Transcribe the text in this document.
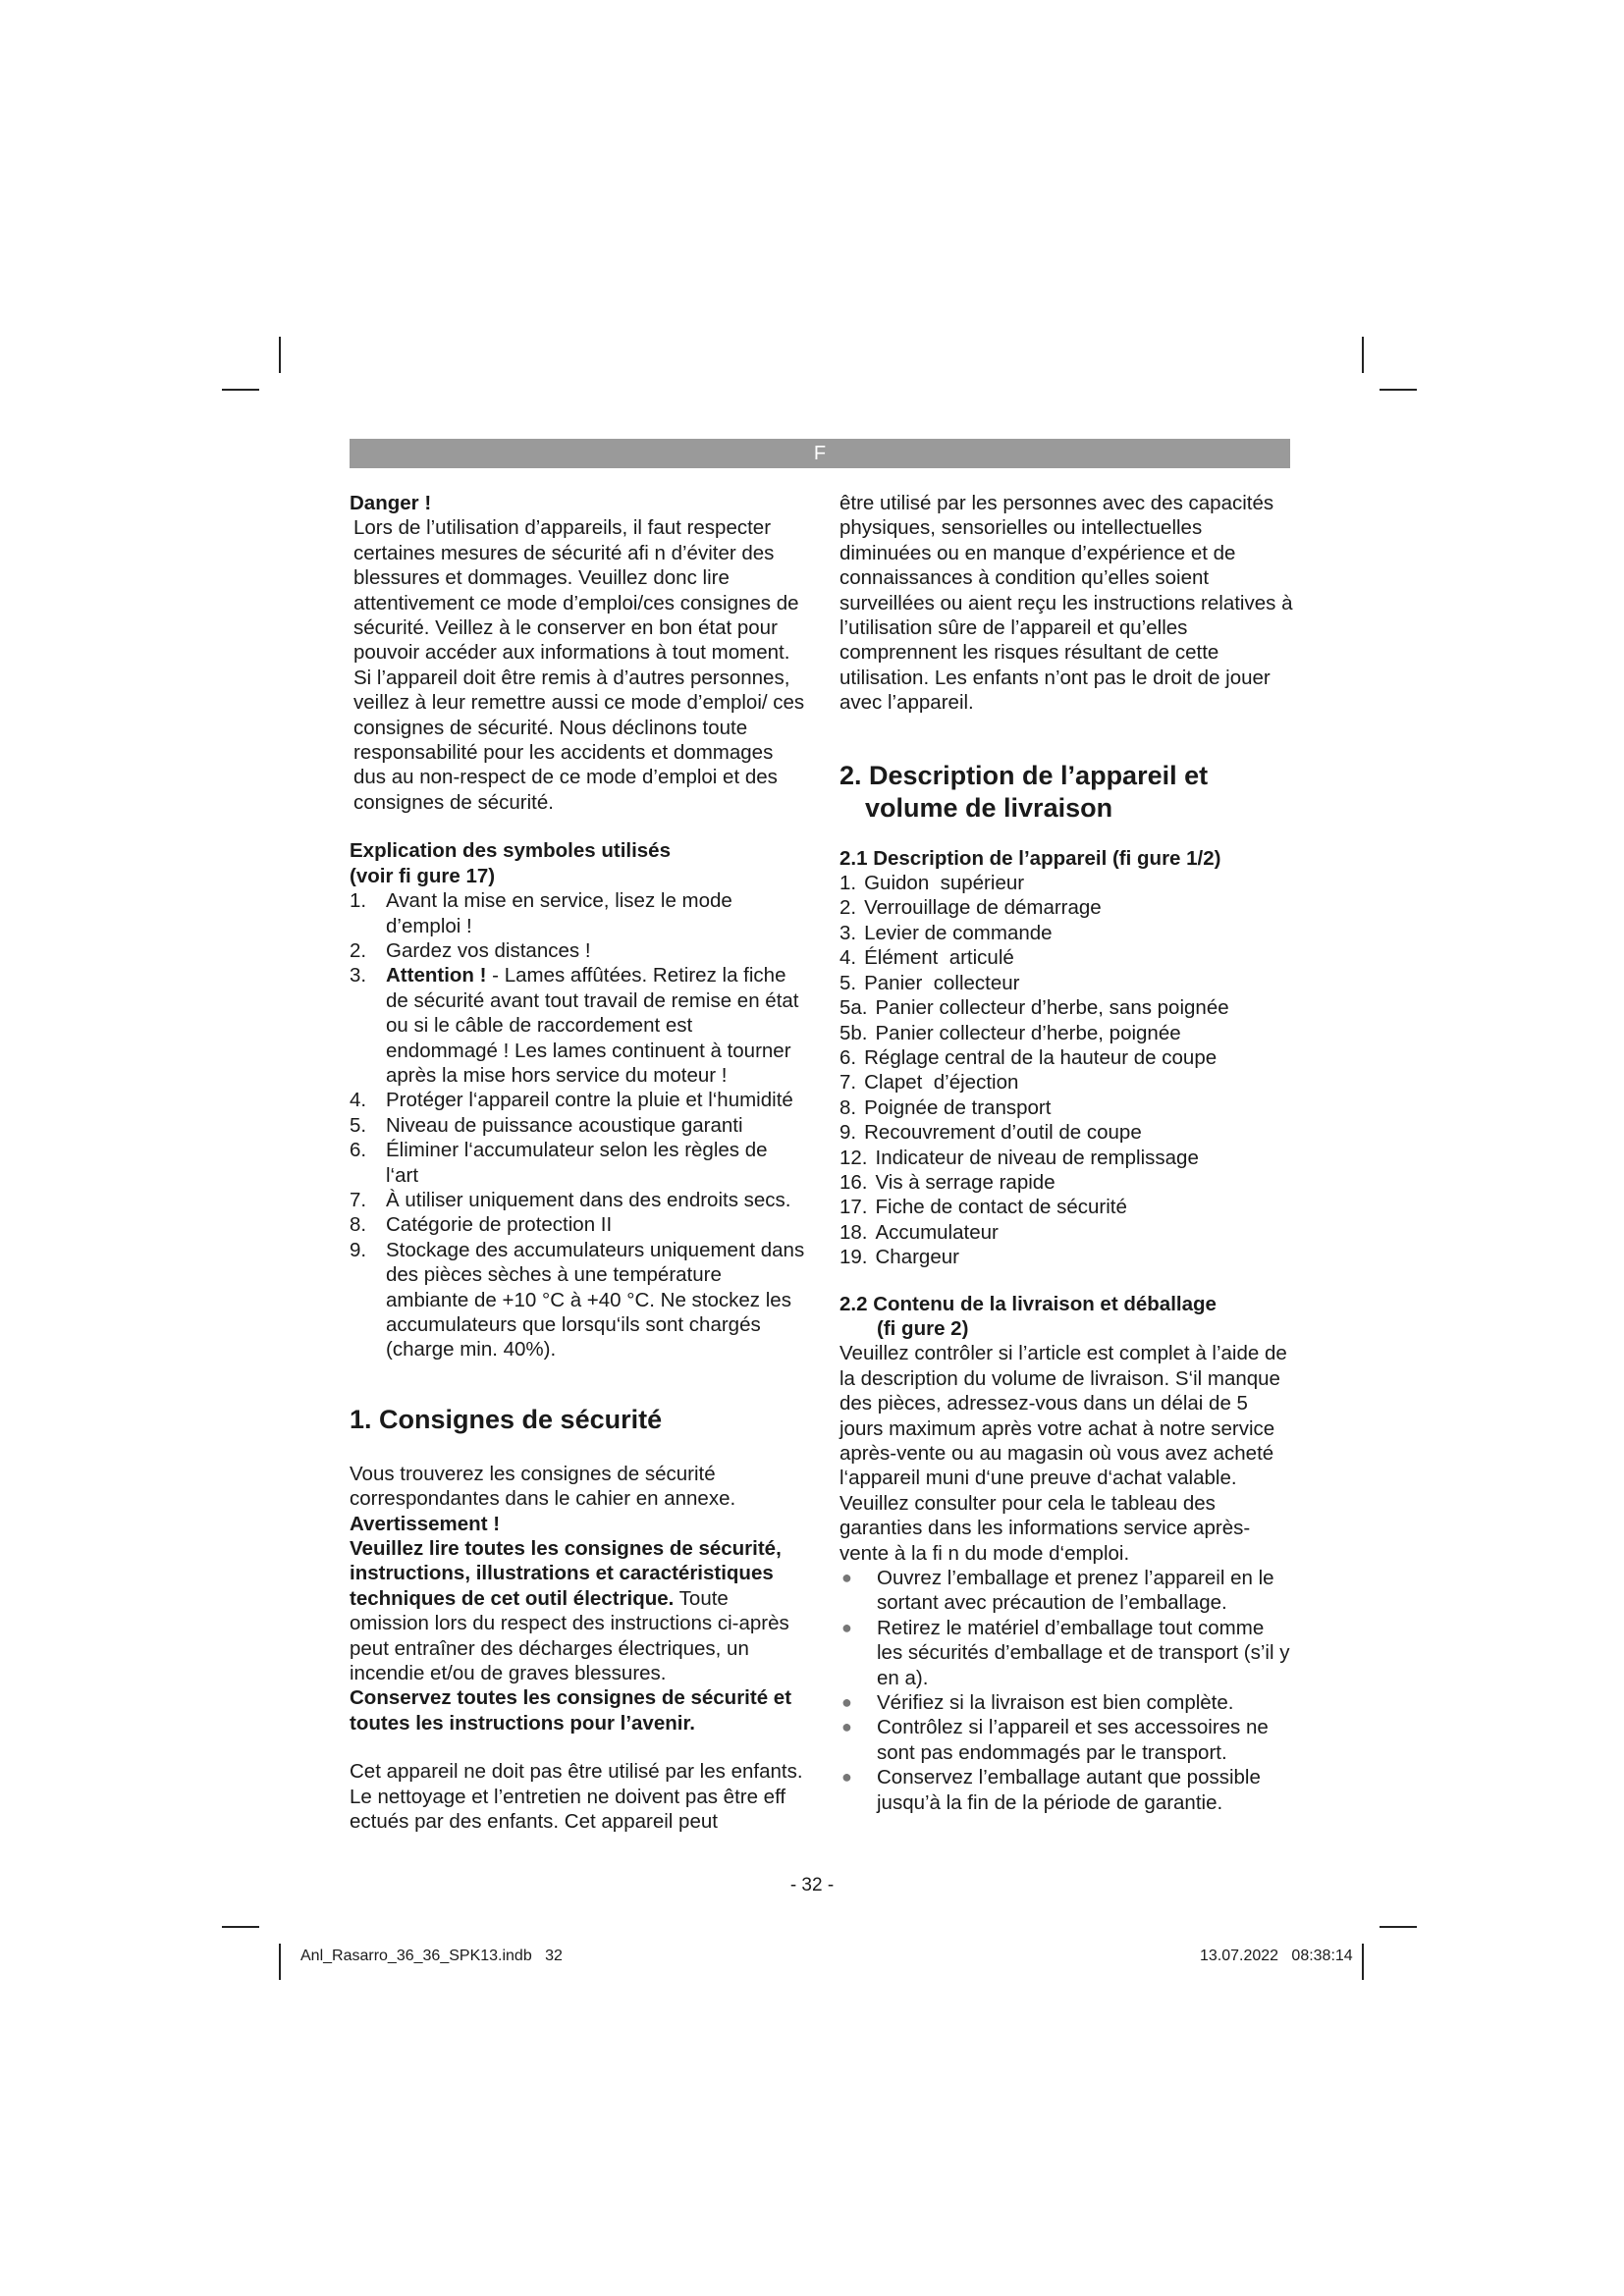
F

Danger !

Lors de l’utilisation d’appareils, il faut respecter certaines mesures de sécurité afi n d’éviter des blessures et dommages. Veuillez donc lire attentivement ce mode d’emploi/ces consignes de sécurité. Veillez à le conserver en bon état pour pouvoir accéder aux informations à tout moment. Si l’appareil doit être remis à d’autres personnes, veillez à leur remettre aussi ce mode d’emploi/ ces consignes de sécurité. Nous déclinons toute responsabilité pour les accidents et dommages dus au non-respect de ce mode d’emploi et des consignes de sécurité.

Explication des symboles utilisés
(voir fi gure 17)

1. Avant la mise en service, lisez le mode d’emploi !
2. Gardez vos distances !
3. Attention ! - Lames affûtées. Retirez la fiche de sécurité avant tout travail de remise en état ou si le câble de raccordement est endommagé ! Les lames continuent à tourner après la mise hors service du moteur !
4. Protéger l‘appareil contre la pluie et l‘humidité
5. Niveau de puissance acoustique garanti
6. Éliminer l‘accumulateur selon les règles de l‘art
7. À utiliser uniquement dans des endroits secs.
8. Catégorie de protection II
9. Stockage des accumulateurs uniquement dans des pièces sèches à une température ambiante de +10 °C à +40 °C. Ne stockez les accumulateurs que lorsqu‘ils sont chargés (charge min. 40%).
1. Consignes de sécurité

Vous trouverez les consignes de sécurité correspondantes dans le cahier en annexe.

Avertissement !

Veuillez lire toutes les consignes de sécurité, instructions, illustrations et caractéristiques techniques de cet outil électrique. Toute omission lors du respect des instructions ci-après peut entraîner des décharges électriques, un incendie et/ou de graves blessures.

Conservez toutes les consignes de sécurité et toutes les instructions pour l’avenir.

Cet appareil ne doit pas être utilisé par les enfants. Le nettoyage et l’entretien ne doivent pas être eff ectués par des enfants. Cet appareil peut

être utilisé par les personnes avec des capacités physiques, sensorielles ou intellectuelles diminuées ou en manque d’expérience et de connaissances à condition qu’elles soient surveillées ou aient reçu les instructions relatives à l’utilisation sûre de l’appareil et qu’elles comprennent les risques résultant de cette utilisation. Les enfants n’ont pas le droit de jouer avec l’appareil.

2. Description de l’appareil et
volume de livraison

2.1 Description de l’appareil (fi gure 1/2)

1. Guidon  supérieur
2. Verrouillage de démarrage
3. Levier de commande
4. Élément  articulé
5. Panier  collecteur
5a. Panier collecteur d’herbe, sans poignée
5b. Panier collecteur d’herbe, poignée
6. Réglage central de la hauteur de coupe
7. Clapet  d’éjection
8. Poignée de transport
9. Recouvrement d’outil de coupe
12. Indicateur de niveau de remplissage
16. Vis à serrage rapide
17. Fiche de contact de sécurité
18. Accumulateur
19. Chargeur

2.2 Contenu de la livraison et déballage
(fi gure 2)

Veuillez contrôler si l’article est complet à l’aide de la description du volume de livraison. S‘il manque des pièces, adressez-vous dans un délai de 5 jours maximum après votre achat à notre service après-vente ou au magasin où vous avez acheté l‘appareil muni d‘une preuve d‘achat valable. Veuillez consulter pour cela le tableau des garanties dans les informations service après-vente à la fi n du mode d‘emploi.

● Ouvrez l’emballage et prenez l’appareil en le sortant avec précaution de l’emballage.
● Retirez le matériel d’emballage tout comme les sécurités d’emballage et de transport (s’il y en a).
● Vérifiez si la livraison est bien complète.
● Contrôlez si l’appareil et ses accessoires ne sont pas endommagés par le transport.
● Conservez l’emballage autant que possible jusqu’à la fin de la période de garantie.
- 32 -
Anl_Rasarro_36_36_SPK13.indb   32	13.07.2022   08:38:14
